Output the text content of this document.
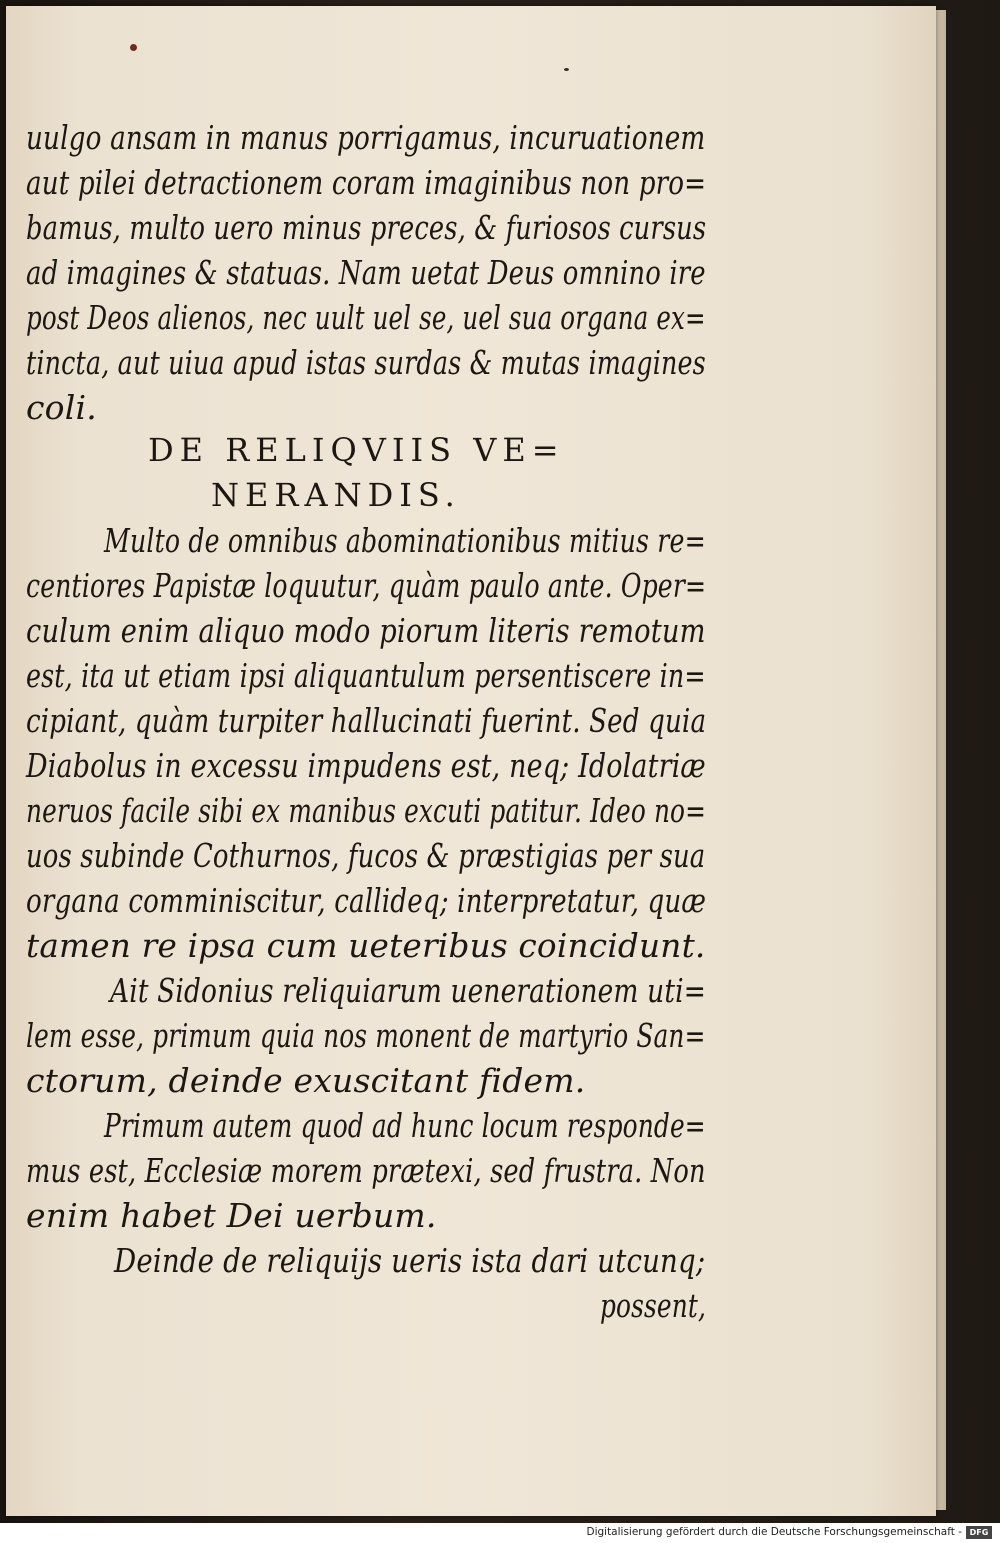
uulgo ansam in manus porrigamus, incuruationem
aut pilei detractionem coram imaginibus non pro=
bamus, multo uero minus preces, & furiosos cursus
ad imagines & statuas. Nam uetat Deus omnino ire
post Deos alienos, nec uult uel se, uel sua organa ex=
tincta, aut uiua apud istas surdas & mutas imagines
coli.
DE RELIQVIIS VE=
NERANDIS.
Multo de omnibus abominationibus mitius re=
centiores Papistæ loquutur, quàm paulo ante. Oper=
culum enim aliquo modo piorum literis remotum
est, ita ut etiam ipsi aliquantulum persentiscere in=
cipiant, quàm turpiter hallucinati fuerint. Sed quia
Diabolus in excessu impudens est, neq; Idolatriæ
neruos facile sibi ex manibus excuti patitur. Ideo no=
uos subinde Cothurnos, fucos & præstigias per sua
organa comminiscitur, callideq; interpretatur, quæ
tamen re ipsa cum ueteribus coincidunt.
Ait Sidonius reliquiarum uenerationem uti=
lem esse, primum quia nos monent de martyrio San=
ctorum, deinde exuscitant fidem.
Primum autem quod ad hunc locum responde=
mus est, Ecclesiæ morem prætexi, sed frustra. Non
enim habet Dei uerbum.
Deinde de reliquijs ueris ista dari utcunq;
possent,
Digitalisierung gefördert durch die Deutsche Forschungsgemeinschaft - DFG
